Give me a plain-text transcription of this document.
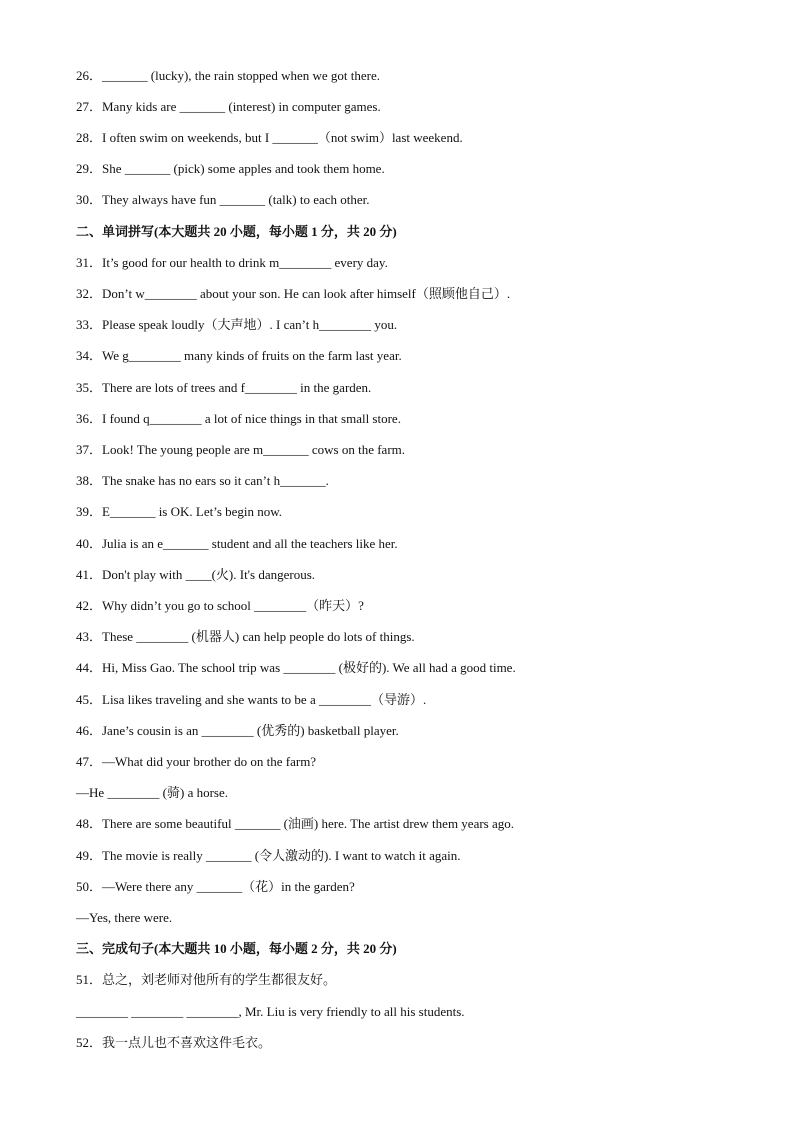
26．_______ (lucky), the rain stopped when we got there.
27．Many kids are _______ (interest) in computer games.
28．I often swim on weekends, but I _______（not swim）last weekend.
29．She _______ (pick) some apples and took them home.
30．They always have fun _______ (talk) to each other.
二、单词拼写(本大题共 20 小题，每小题 1 分，共 20 分)
31．It’s good for our health to drink m________ every day.
32．Don’t w________ about your son. He can look after himself（照顾他自己）.
33．Please speak loudly（大声地）. I can’t h________ you.
34．We g________ many kinds of fruits on the farm last year.
35．There are lots of trees and f________ in the garden.
36．I found q________ a lot of nice things in that small store.
37．Look! The young people are m_______ cows on the farm.
38．The snake has no ears so it can’t h_______.
39．E_______ is OK. Let’s begin now.
40．Julia is an e_______ student and all the teachers like her.
41．Don't play with ____(火). It's dangerous.
42．Why didn’t you go to school ________（昨天）?
43．These ________ (机器人) can help people do lots of things.
44．Hi, Miss Gao. The school trip was ________ (极好的). We all had a good time.
45．Lisa likes traveling and she wants to be a ________（导游）.
46．Jane’s cousin is an ________ (优秀的) basketball player.
47．—What did your brother do on the farm?
—He ________ (骑) a horse.
48．There are some beautiful _______ (油画) here. The artist drew them years ago.
49．The movie is really _______ (令人激动的). I want to watch it again.
50．—Were there any _______（花）in the garden?
—Yes, there were.
三、完成句子(本大题共 10 小题，每小题 2 分，共 20 分)
51．总之，刘老师对他所有的学生都很友好。
________ ________ ________, Mr. Liu is very friendly to all his students.
52．我一点儿也不喜欢这件毛衣。
